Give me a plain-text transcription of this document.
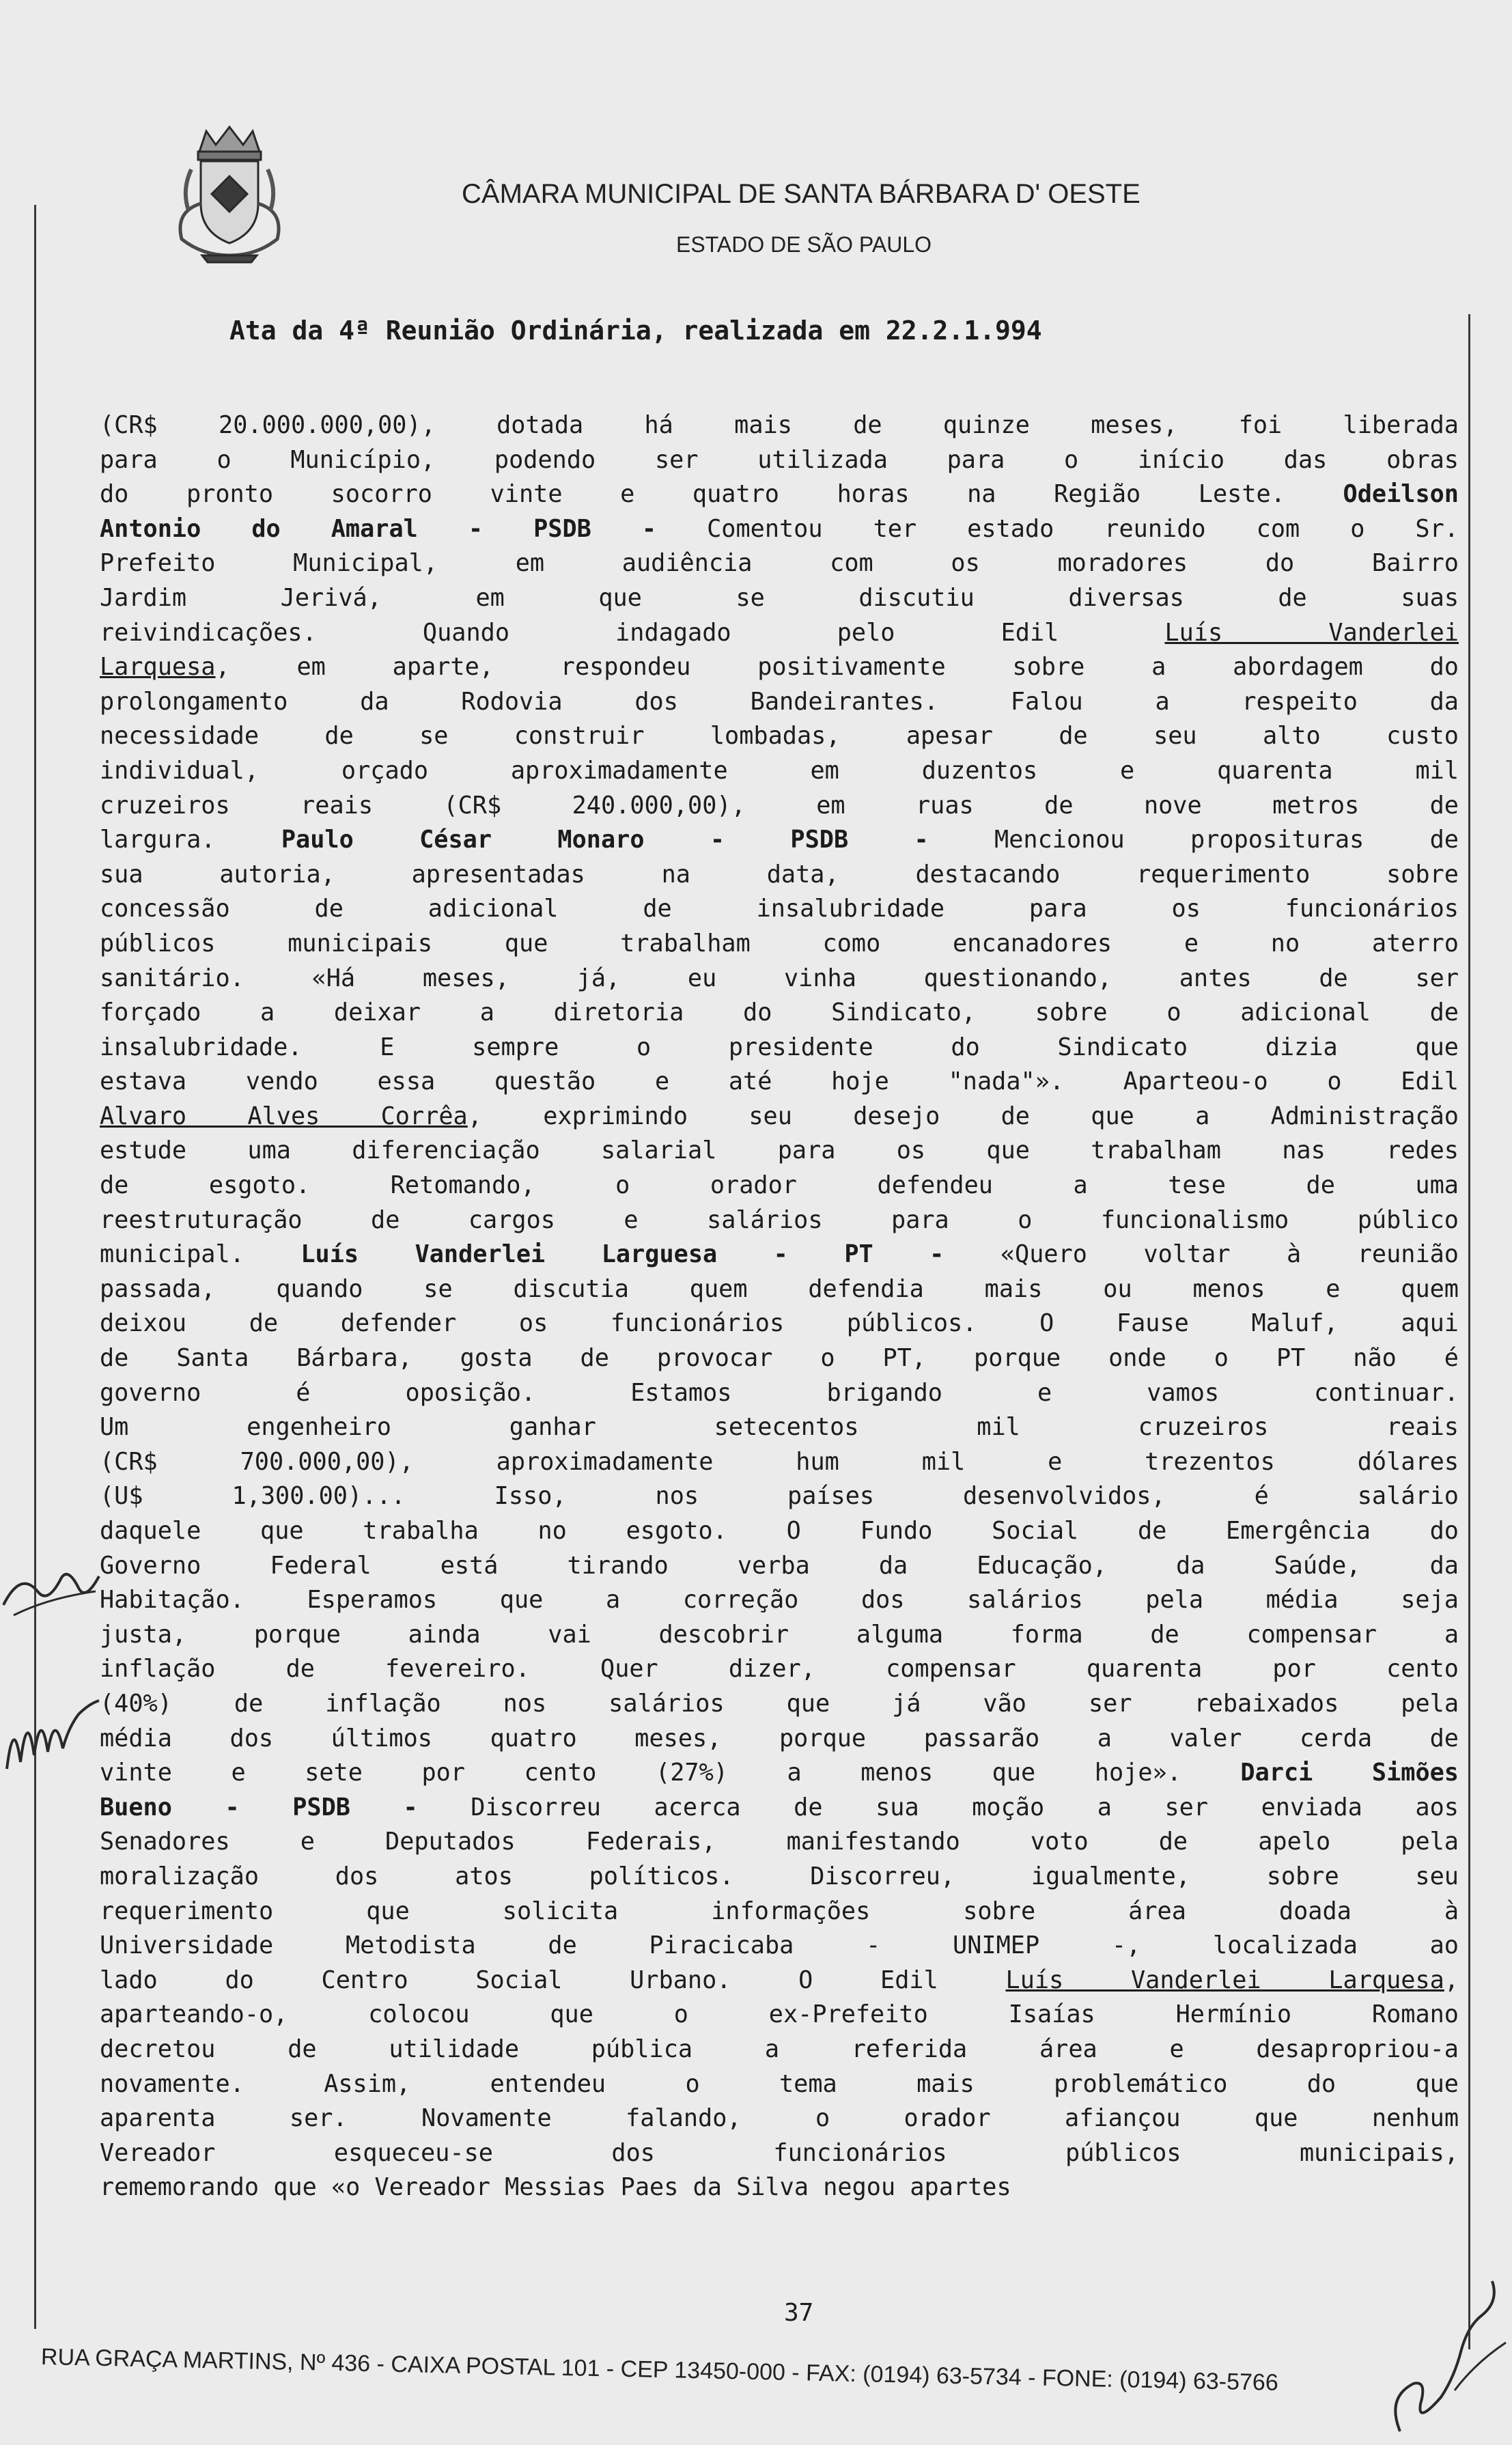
CÂMARA MUNICIPAL DE SANTA BÁRBARA D' OESTE
ESTADO DE SÃO PAULO
Ata da 4ª Reunião Ordinária, realizada em 22.2.1.994
(CR$ 20.000.000,00), dotada há mais de quinze meses, foi liberada
para o Município, podendo ser utilizada para o início das obras
do pronto socorro vinte e quatro horas na Região Leste. Odeilson
Antonio do Amaral - PSDB - Comentou ter estado reunido com o Sr.
Prefeito Municipal, em audiência com os moradores do Bairro
Jardim Jerivá, em que se discutiu diversas de suas
reivindicações. Quando indagado pelo Edil Luís Vanderlei
Larquesa, em aparte, respondeu positivamente sobre a abordagem do
prolongamento da Rodovia dos Bandeirantes. Falou a respeito da
necessidade de se construir lombadas, apesar de seu alto custo
individual, orçado aproximadamente em duzentos e quarenta mil
cruzeiros reais (CR$ 240.000,00), em ruas de nove metros de
largura. Paulo César Monaro - PSDB - Mencionou proposituras de
sua autoria, apresentadas na data, destacando requerimento sobre
concessão de adicional de insalubridade para os funcionários
públicos municipais que trabalham como encanadores e no aterro
sanitário. «Há meses, já, eu vinha questionando, antes de ser
forçado a deixar a diretoria do Sindicato, sobre o adicional de
insalubridade. E sempre o presidente do Sindicato dizia que
estava vendo essa questão e até hoje "nada"». Aparteou-o o Edil
Alvaro Alves Corrêa, exprimindo seu desejo de que a Administração
estude uma diferenciação salarial para os que trabalham nas redes
de esgoto. Retomando, o orador defendeu a tese de uma
reestruturação de cargos e salários para o funcionalismo público
municipal. Luís Vanderlei Larguesa - PT - «Quero voltar à reunião
passada, quando se discutia quem defendia mais ou menos e quem
deixou de defender os funcionários públicos. O Fause Maluf, aqui
de Santa Bárbara, gosta de provocar o PT, porque onde o PT não é
governo é oposição. Estamos brigando e vamos continuar.
Um engenheiro ganhar setecentos mil cruzeiros reais
(CR$ 700.000,00), aproximadamente hum mil e trezentos dólares
(U$ 1,300.00)... Isso, nos países desenvolvidos, é salário
daquele que trabalha no esgoto. O Fundo Social de Emergência do
Governo Federal está tirando verba da Educação, da Saúde, da
Habitação. Esperamos que a correção dos salários pela média seja
justa, porque ainda vai descobrir alguma forma de compensar a
inflação de fevereiro. Quer dizer, compensar quarenta por cento
(40%) de inflação nos salários que já vão ser rebaixados pela
média dos últimos quatro meses, porque passarão a valer cerda de
vinte e sete por cento (27%) a menos que hoje». Darci Simões
Bueno - PSDB - Discorreu acerca de sua moção a ser enviada aos
Senadores e Deputados Federais, manifestando voto de apelo pela
moralização dos atos políticos. Discorreu, igualmente, sobre seu
requerimento que solicita informações sobre área doada à
Universidade Metodista de Piracicaba - UNIMEP -, localizada ao
lado do Centro Social Urbano. O Edil Luís Vanderlei Larquesa,
aparteando-o, colocou que o ex-Prefeito Isaías Hermínio Romano
decretou de utilidade pública a referida área e desapropriou-a
novamente. Assim, entendeu o tema mais problemático do que
aparenta ser. Novamente falando, o orador afiançou que nenhum
Vereador esqueceu-se dos funcionários públicos municipais,
rememorando que «o Vereador Messias Paes da Silva negou apartes
37
RUA GRAÇA MARTINS, Nº 436 - CAIXA POSTAL 101 - CEP 13450-000 - FAX: (0194) 63-5734 - FONE: (0194) 63-5766
